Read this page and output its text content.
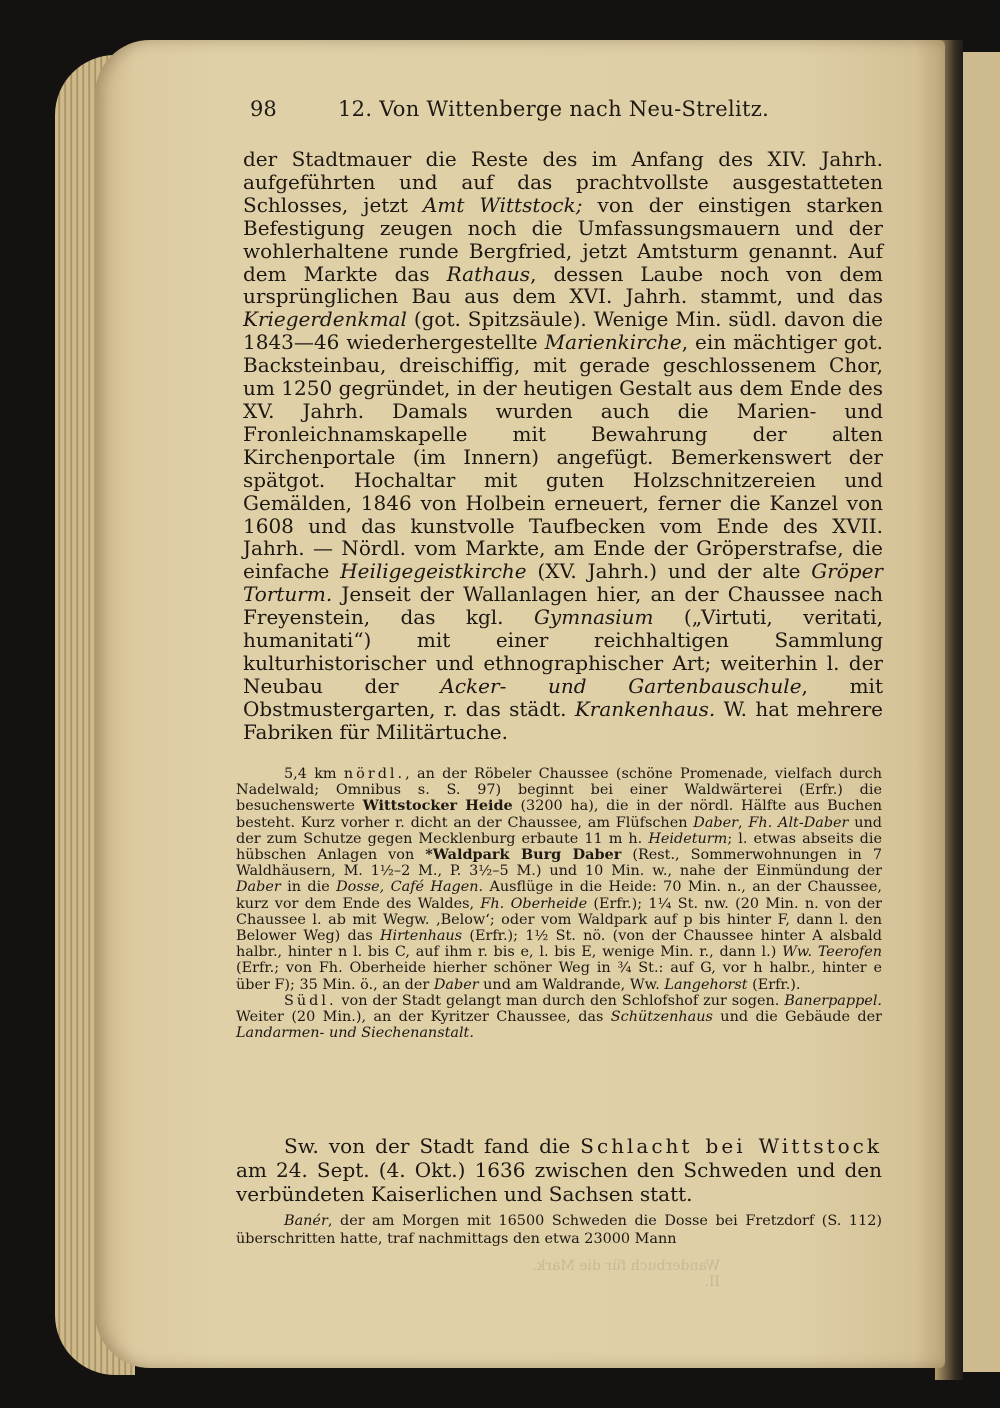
98	12. Von Wittenberge nach Neu-Strelitz.

der Stadtmauer die Reste des im Anfang des XIV. Jahrh. aufgeführten und auf das prachtvollste ausgestatteten Schlosses, jetzt Amt Wittstock; von der einstigen starken Befestigung zeugen noch die Umfassungsmauern und der wohlerhaltene runde Bergfried, jetzt Amtsturm genannt. Auf dem Markte das Rathaus, dessen Laube noch von dem ursprünglichen Bau aus dem XVI. Jahrh. stammt, und das Kriegerdenkmal (got. Spitzsäule). Wenige Min. südl. davon die 1843—46 wiederhergestellte Marienkirche, ein mächtiger got. Backsteinbau, dreischiffig, mit gerade geschlossenem Chor, um 1250 gegründet, in der heutigen Gestalt aus dem Ende des XV. Jahrh. Damals wurden auch die Marien- und Fronleichnamskapelle mit Bewahrung der alten Kirchenportale (im Innern) angefügt. Bemerkenswert der spätgot. Hochaltar mit guten Holzschnitzereien und Gemälden, 1846 von Holbein erneuert, ferner die Kanzel von 1608 und das kunstvolle Taufbecken vom Ende des XVII. Jahrh. — Nördl. vom Markte, am Ende der Gröperstrafse, die einfache Heiligegeistkirche (XV. Jahrh.) und der alte Gröper Torturm. Jenseit der Wallanlagen hier, an der Chaussee nach Freyenstein, das kgl. Gymnasium („Virtuti, veritati, humanitati“) mit einer reichhaltigen Sammlung kulturhistorischer und ethnographischer Art; weiterhin l. der Neubau der Acker- und Gartenbauschule, mit Obstmustergarten, r. das städt. Krankenhaus. W. hat mehrere Fabriken für Militärtuche.

5,4 km nördl., an der Röbeler Chaussee (schöne Promenade, vielfach durch Nadelwald; Omnibus s. S. 97) beginnt bei einer Waldwärterei (Erfr.) die besuchenswerte Wittstocker Heide (3200 ha), die in der nördl. Hälfte aus Buchen besteht. Kurz vorher r. dicht an der Chaussee, am Flüfschen Daber, Fh. Alt-Daber und der zum Schutze gegen Mecklenburg erbaute 11 m h. Heideturm; l. etwas abseits die hübschen Anlagen von *Waldpark Burg Daber (Rest., Sommerwohnungen in 7 Waldhäusern, M. 1½–2 M., P. 3½–5 M.) und 10 Min. w., nahe der Einmündung der Daber in die Dosse, Café Hagen. Ausflüge in die Heide: 70 Min. n., an der Chaussee, kurz vor dem Ende des Waldes, Fh. Oberheide (Erfr.); 1¼ St. nw. (20 Min. n. von der Chaussee l. ab mit Wegw. ‚Below‘; oder vom Waldpark auf p bis hinter F, dann l. den Belower Weg) das Hirtenhaus (Erfr.); 1½ St. nö. (von der Chaussee hinter A alsbald halbr., hinter n l. bis C, auf ihm r. bis e, l. bis E, wenige Min. r., dann l.) Ww. Teerofen (Erfr.; von Fh. Oberheide hierher schöner Weg in ¾ St.: auf G, vor h halbr., hinter e über F); 35 Min. ö., an der Daber und am Waldrande, Ww. Langehorst (Erfr.).

Südl. von der Stadt gelangt man durch den Schlofshof zur sogen. Banerpappel. Weiter (20 Min.), an der Kyritzer Chaussee, das Schützenhaus und die Gebäude der Landarmen- und Siechenanstalt.

Sw. von der Stadt fand die Schlacht bei Wittstock am 24. Sept. (4. Okt.) 1636 zwischen den Schweden und den verbündeten Kaiserlichen und Sachsen statt.

Banér, der am Morgen mit 16500 Schweden die Dosse bei Fretzdorf (S. 112) überschritten hatte, traf nachmittags den etwa 23000 Mann

Wanderbuch für die Mark. II.
